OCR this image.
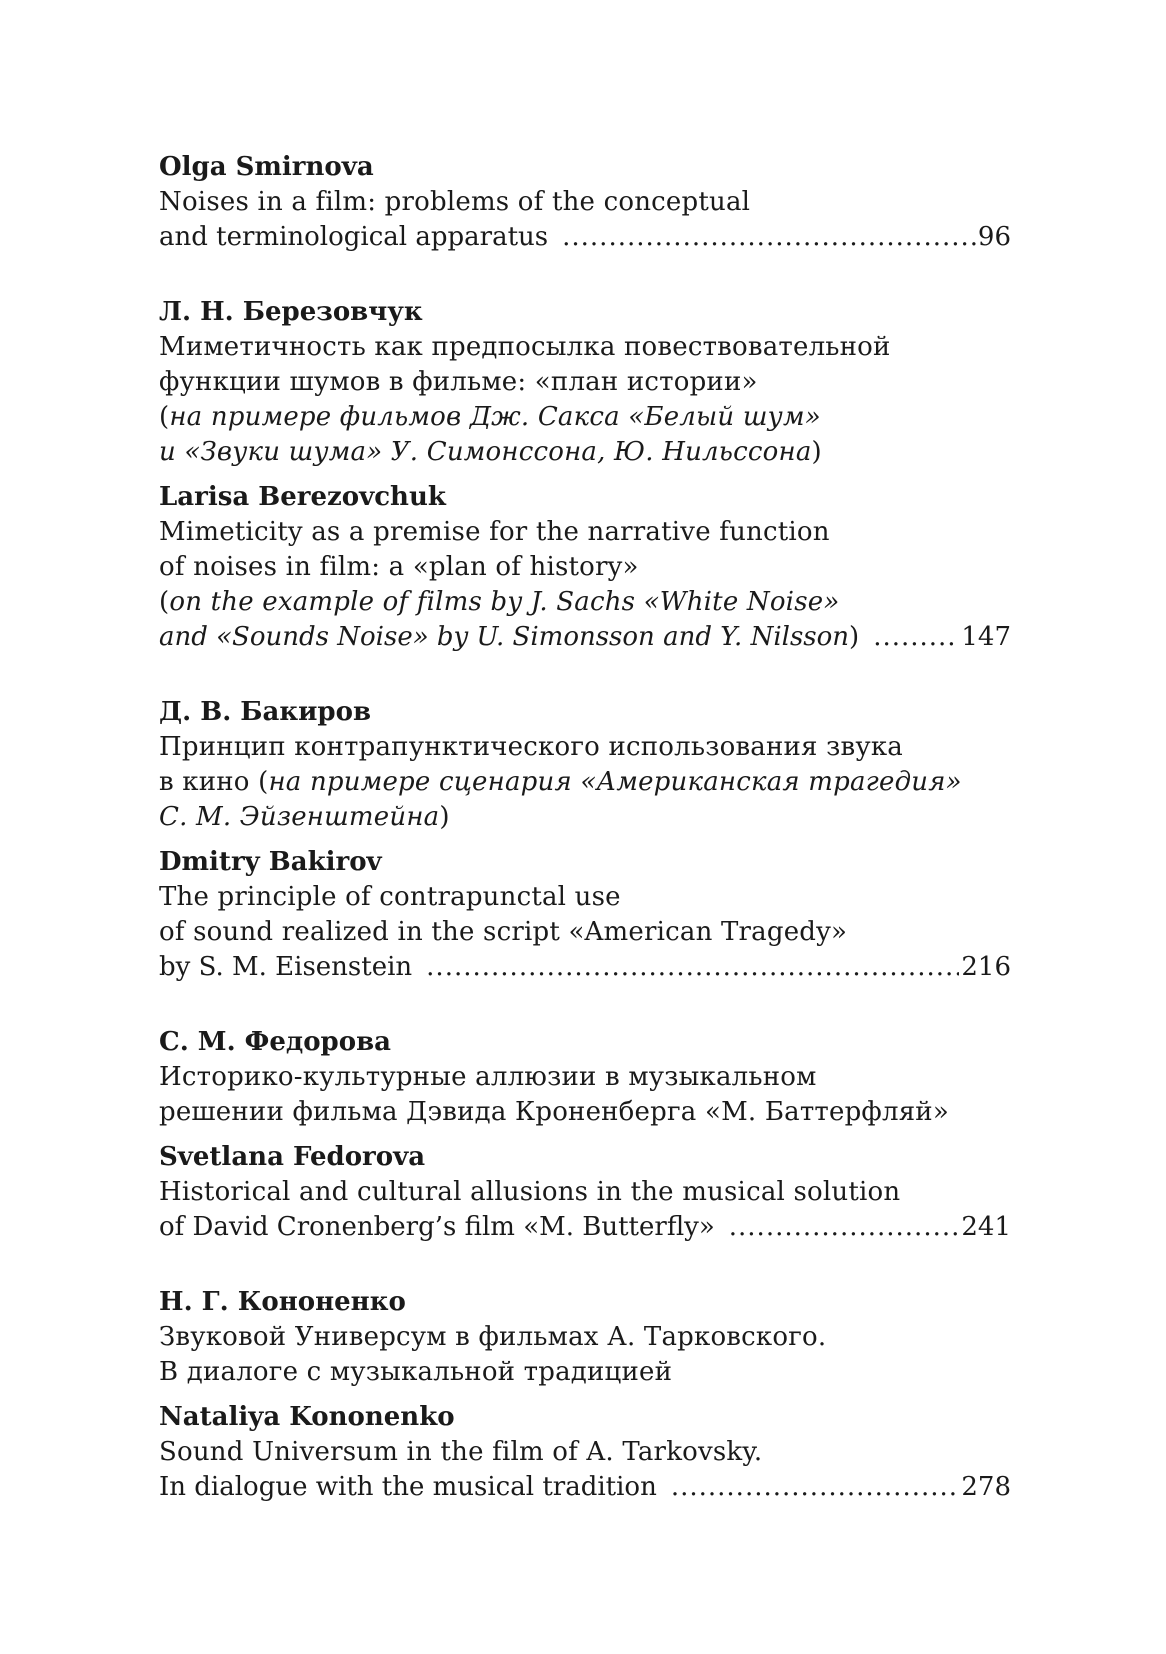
Olga Smirnova
Noises in a film: problems of the conceptual
and terminological apparatus .....	96
Л. Н. Березовчук
Миметичность как предпосылка повествовательной
функции шумов в фильме: «план истории»
(на примере фильмов Дж. Сакса «Белый шум»
и «Звуки шума» У. Симонссона, Ю. Нильссона)
Larisa Berezovchuk
Mimeticity as a premise for the narrative function
of noises in film: a «plan of history»
(on the example of films by J. Sachs «White Noise»
and «Sounds Noise» by U. Simonsson and Y. Nilsson) .....	147
Д. В. Бакиров
Принцип контрапунктического использования звука
в кино (на примере сценария «Американская трагедия»
С. М. Эйзенштейна)
Dmitry Bakirov
The principle of contrapunctal use
of sound realized in the script «American Tragedy»
by S. M. Eisenstein .....	216
С. М. Федорова
Историко-культурные аллюзии в музыкальном
решении фильма Дэвида Кроненберга «М. Баттерфляй»
Svetlana Fedorova
Historical and cultural allusions in the musical solution
of David Cronenberg’s film «M. Butterfly» .....	241
Н. Г. Кононенко
Звуковой Универсум в фильмах А. Тарковского.
В диалоге с музыкальной традицией
Nataliya Kononenko
Sound Universum in the film of A. Tarkovsky.
In dialogue with the musical tradition .....	278
